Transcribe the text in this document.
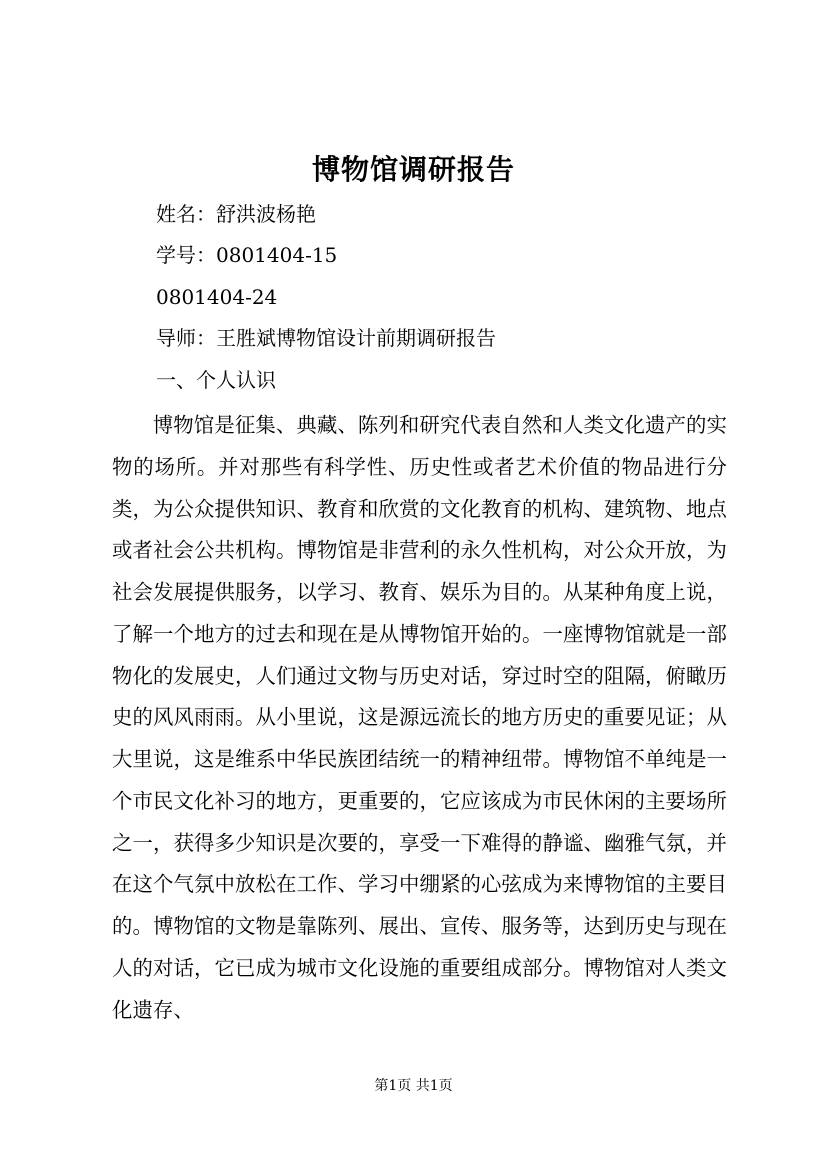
博物馆调研报告

姓名：舒洪波杨艳

学号：0801404-15

0801404-24

导师：王胜斌博物馆设计前期调研报告

一、个人认识

博物馆是征集、典藏、陈列和研究代表自然和人类文化遗产的实物的场所。并对那些有科学性、历史性或者艺术价值的物品进行分类，为公众提供知识、教育和欣赏的文化教育的机构、建筑物、地点或者社会公共机构。博物馆是非营利的永久性机构，对公众开放，为社会发展提供服务，以学习、教育、娱乐为目的。从某种角度上说，了解一个地方的过去和现在是从博物馆开始的。一座博物馆就是一部物化的发展史，人们通过文物与历史对话，穿过时空的阻隔，俯瞰历史的风风雨雨。从小里说，这是源远流长的地方历史的重要见证；从大里说，这是维系中华民族团结统一的精神纽带。博物馆不单纯是一个市民文化补习的地方，更重要的，它应该成为市民休闲的主要场所之一，获得多少知识是次要的，享受一下难得的静谧、幽雅气氛，并在这个气氛中放松在工作、学习中绷紧的心弦成为来博物馆的主要目的。博物馆的文物是靠陈列、展出、宣传、服务等，达到历史与现在人的对话，它已成为城市文化设施的重要组成部分。博物馆对人类文化遗存、

第1页 共1页
